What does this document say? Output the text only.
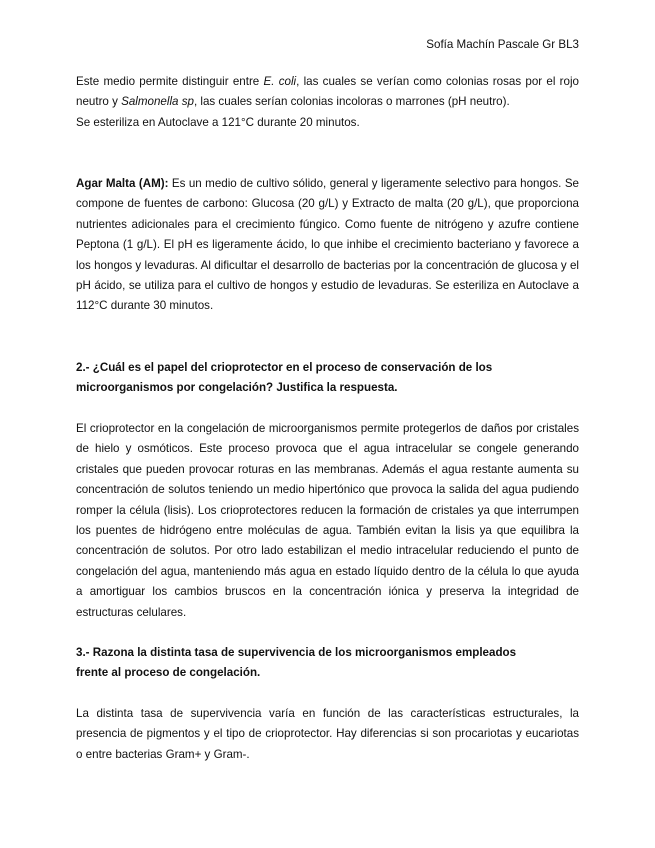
Sofía Machín Pascale Gr BL3

Este medio permite distinguir entre E. coli, las cuales se verían como colonias rosas por el rojo neutro y Salmonella sp, las cuales serían colonias incoloras o marrones (pH neutro).

Se esteriliza en Autoclave a 121°C durante 20 minutos.

Agar Malta (AM): Es un medio de cultivo sólido, general y ligeramente selectivo para hongos. Se compone de fuentes de carbono: Glucosa (20 g/L) y Extracto de malta (20 g/L), que proporciona nutrientes adicionales para el crecimiento fúngico. Como fuente de nitrógeno y azufre contiene Peptona (1 g/L). El pH es ligeramente ácido, lo que inhibe el crecimiento bacteriano y favorece a los hongos y levaduras. Al dificultar el desarrollo de bacterias por la concentración de glucosa y el pH ácido, se utiliza para el cultivo de hongos y estudio de levaduras. Se esteriliza en Autoclave a 112°C durante 30 minutos.

2.- ¿Cuál es el papel del crioprotector en el proceso de conservación de los

microorganismos por congelación? Justifica la respuesta.

El crioprotector en la congelación de microorganismos permite protegerlos de daños por cristales de hielo y osmóticos. Este proceso provoca que el agua intracelular se congele generando cristales que pueden provocar roturas en las membranas. Además el agua restante aumenta su concentración de solutos teniendo un medio hipertónico que provoca la salida del agua pudiendo romper la célula (lisis). Los crioprotectores reducen la formación de cristales ya que interrumpen los puentes de hidrógeno entre moléculas de agua. También evitan la lisis ya que equilibra la concentración de solutos. Por otro lado estabilizan el medio intracelular reduciendo el punto de congelación del agua, manteniendo más agua en estado líquido dentro de la célula lo que ayuda a amortiguar los cambios bruscos en la concentración iónica y preserva la integridad de estructuras celulares.

3.- Razona la distinta tasa de supervivencia de los microorganismos empleados

frente al proceso de congelación.

La distinta tasa de supervivencia varía en función de las características estructurales, la presencia de pigmentos y el tipo de crioprotector. Hay diferencias si son procariotas y eucariotas o entre bacterias Gram+ y Gram-.
